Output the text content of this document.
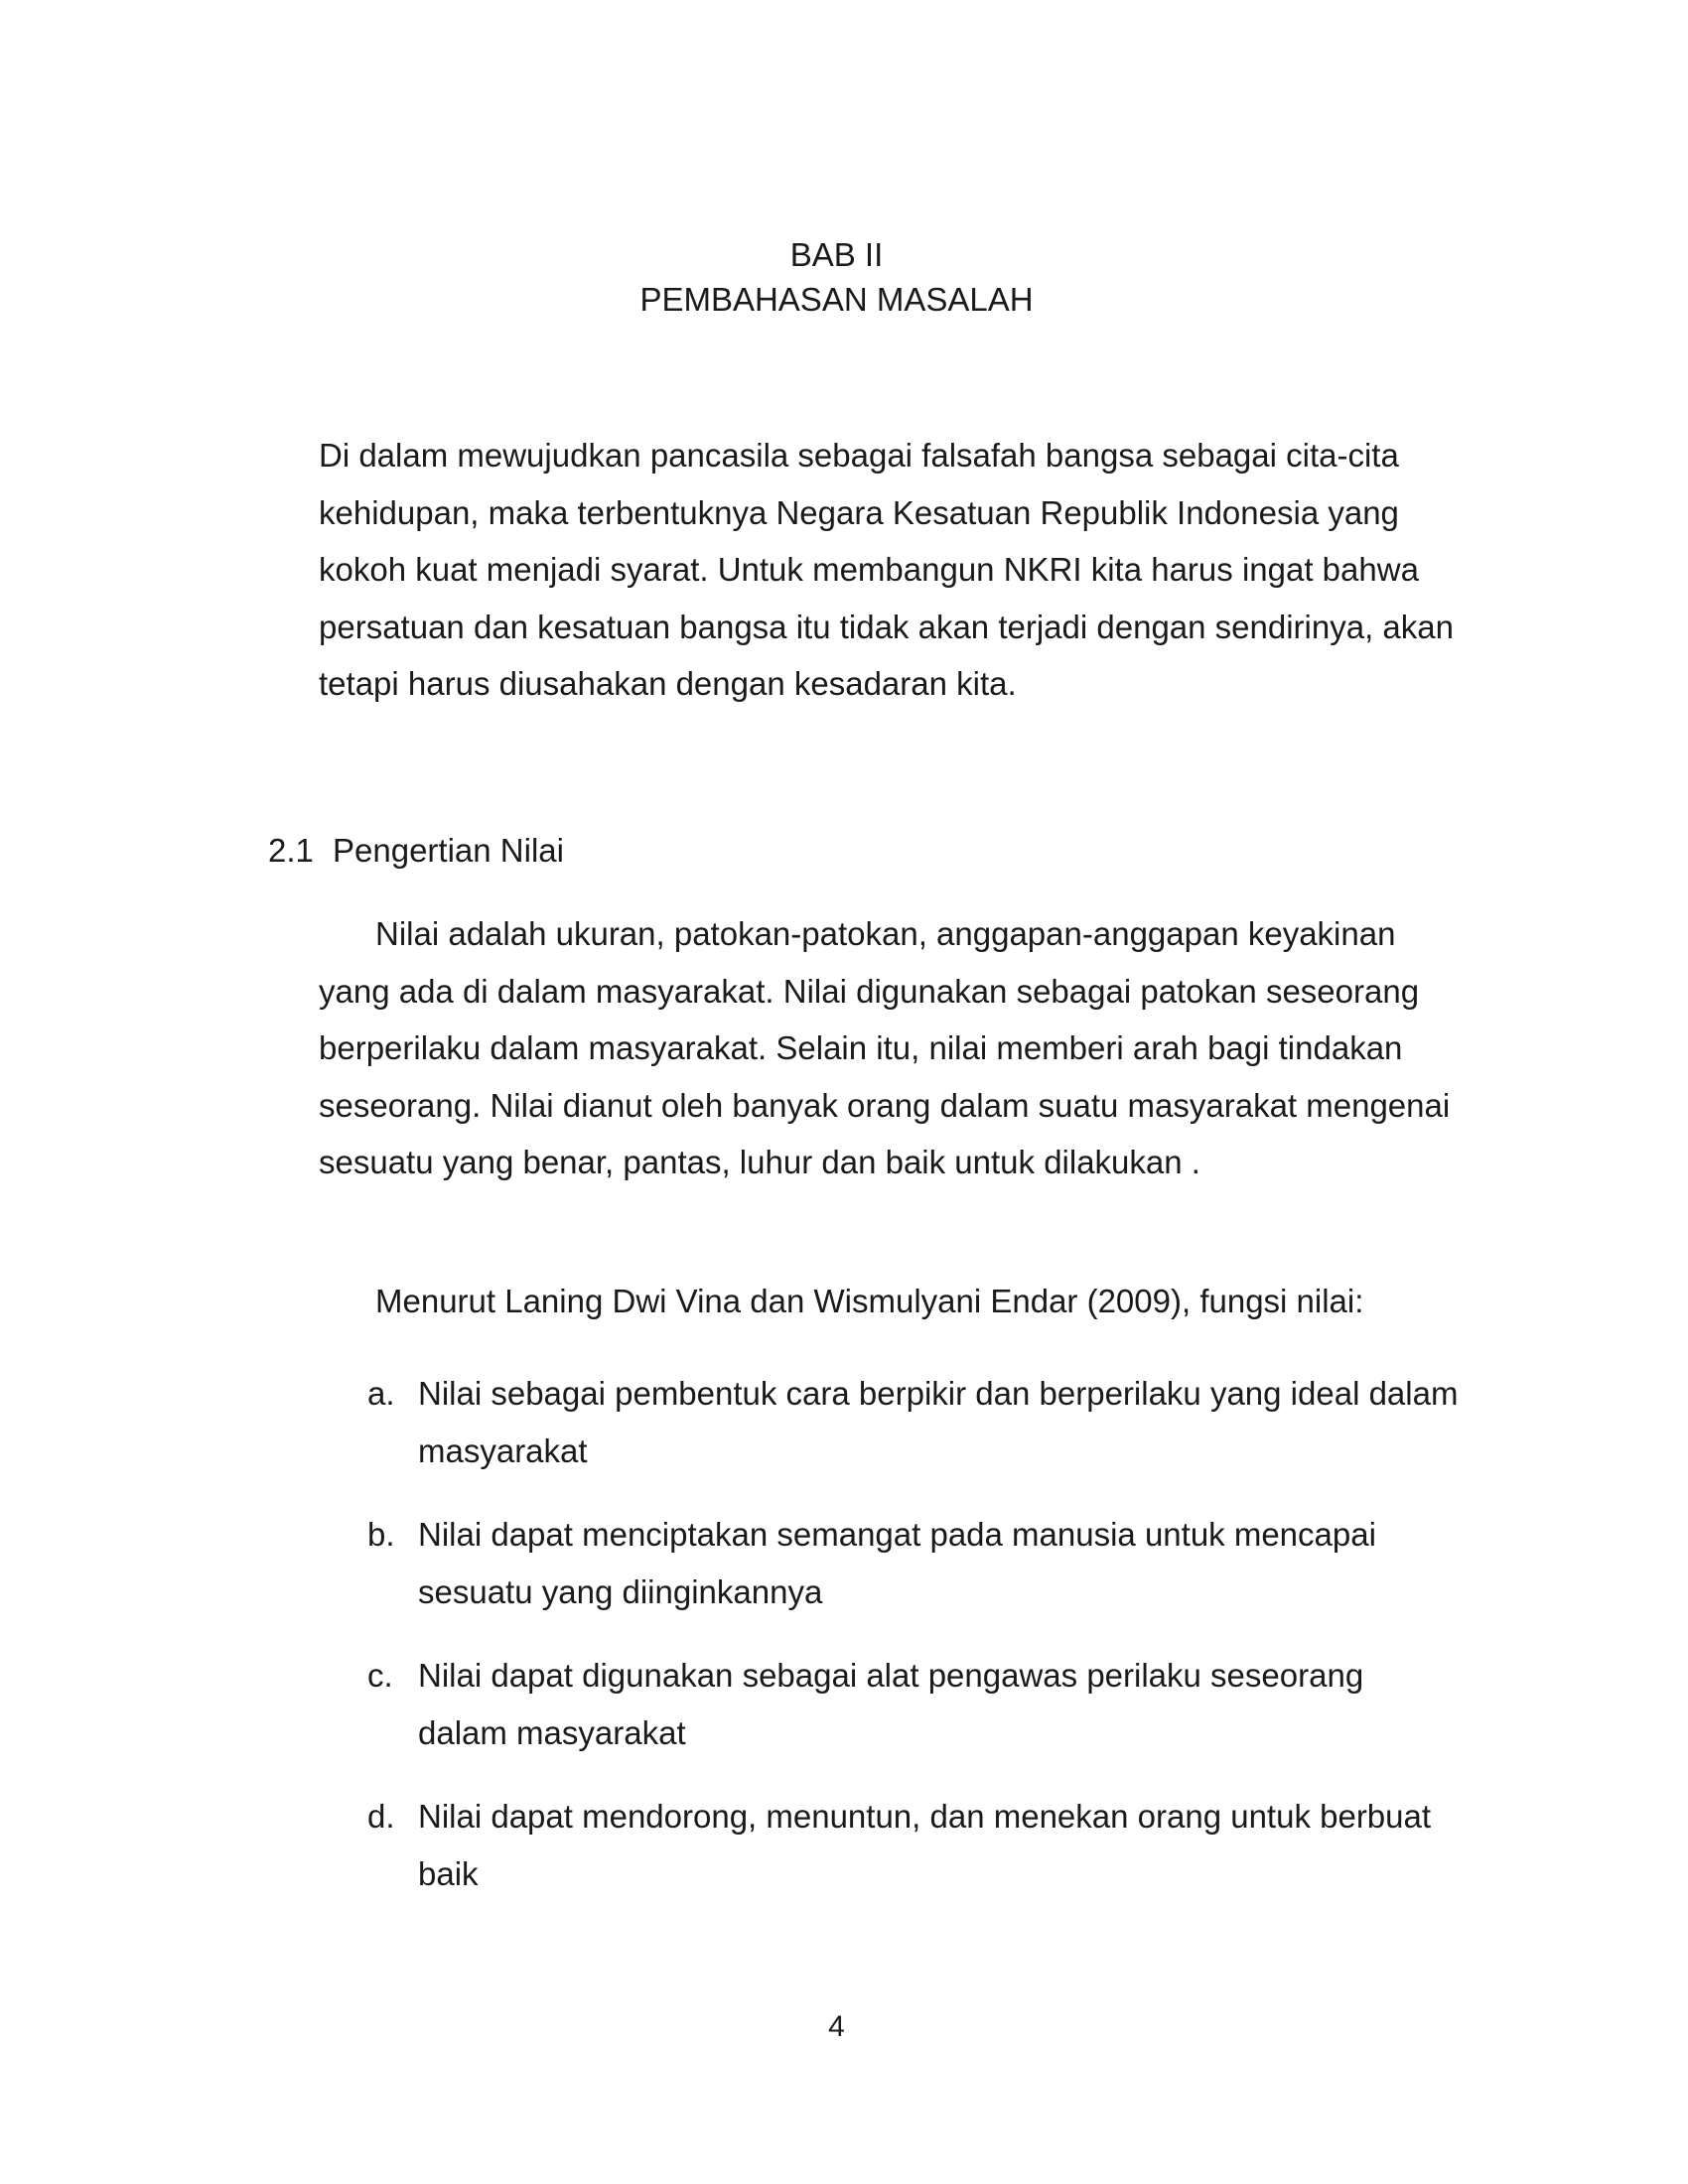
BAB II
PEMBAHASAN MASALAH

Di dalam mewujudkan pancasila sebagai falsafah bangsa sebagai cita-cita kehidupan, maka terbentuknya Negara Kesatuan Republik Indonesia yang kokoh kuat menjadi syarat. Untuk membangun NKRI kita harus ingat bahwa persatuan dan kesatuan bangsa itu tidak akan terjadi dengan sendirinya, akan tetapi harus diusahakan dengan kesadaran kita.

2.1 Pengertian Nilai

Nilai adalah ukuran, patokan-patokan, anggapan-anggapan keyakinan yang ada di dalam masyarakat. Nilai digunakan sebagai patokan seseorang berperilaku dalam masyarakat. Selain itu, nilai memberi arah bagi tindakan seseorang. Nilai dianut oleh banyak orang dalam suatu masyarakat mengenai sesuatu yang benar, pantas, luhur dan baik untuk dilakukan .

Menurut Laning Dwi Vina dan Wismulyani Endar (2009), fungsi nilai:

a. Nilai sebagai pembentuk cara berpikir dan berperilaku yang ideal dalam masyarakat
b. Nilai dapat menciptakan semangat pada manusia untuk mencapai sesuatu yang diinginkannya
c. Nilai dapat digunakan sebagai alat pengawas perilaku seseorang dalam masyarakat
d. Nilai dapat mendorong, menuntun, dan menekan orang untuk berbuat baik
4
